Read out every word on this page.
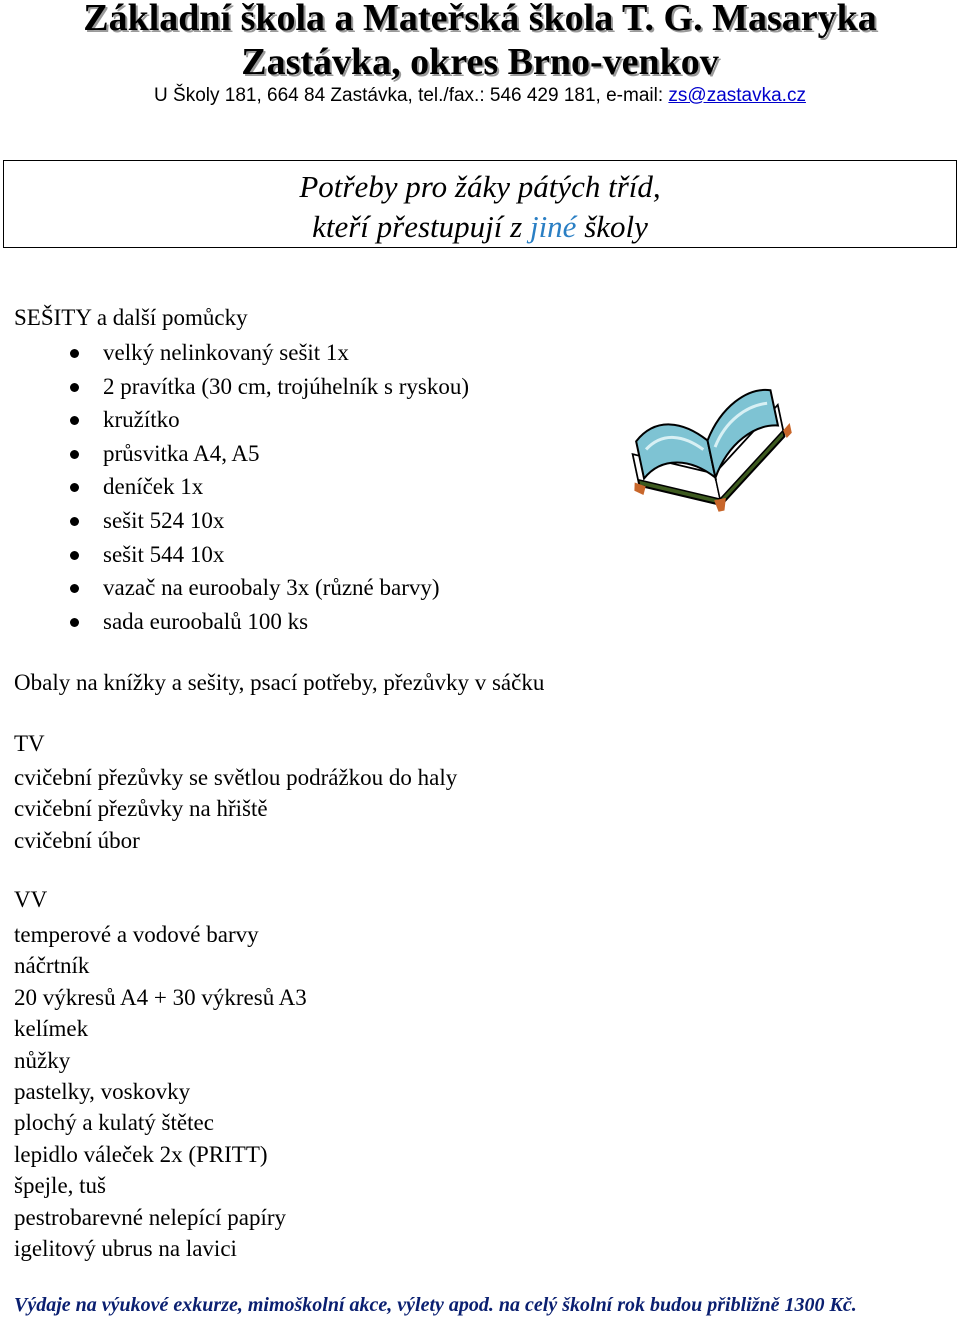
Základní škola a Mateřská škola T. G. Masaryka
Zastávka, okres Brno-venkov
U Školy 181, 664 84 Zastávka, tel./fax.: 546 429 181, e-mail: zs@zastavka.cz
Potřeby pro žáky pátých tříd,
kteří přestupují z jiné školy
SEŠITY a další pomůcky
velký nelinkovaný sešit 1x
2 pravítka (30 cm, trojúhelník s ryskou)
kružítko
průsvitka A4, A5
deníček 1x
sešit 524 10x
sešit 544 10x
vazač na euroobaly 3x (různé barvy)
sada euroobalů 100 ks
Obaly na knížky a sešity, psací potřeby, přezůvky v sáčku
TV
cvičební přezůvky se světlou podrážkou do haly
cvičební přezůvky na hřiště
cvičební úbor
VV
temperové a vodové barvy
náčrtník
20 výkresů A4 + 30 výkresů A3
kelímek
nůžky
pastelky, voskovky
plochý a kulatý štětec
lepidlo váleček 2x (PRITT)
špejle, tuš
pestrobarevné nelepící papíry
igelitový ubrus na lavici
Výdaje na výukové exkurze, mimoškolní akce, výlety apod. na celý školní rok budou přibližně 1300 Kč.
